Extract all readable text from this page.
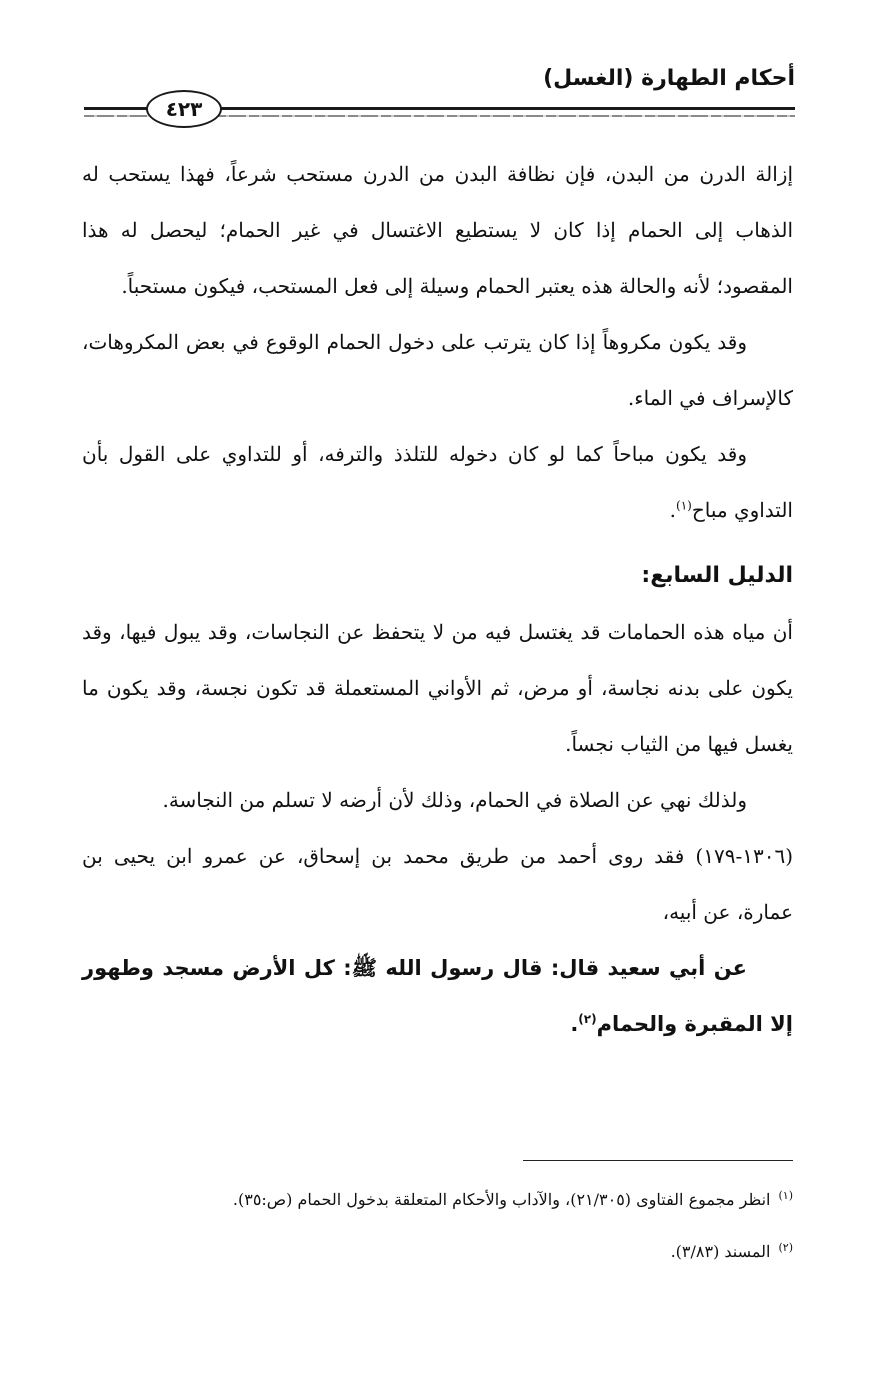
أحكام الطهارة (الغسل)
٤٢٣

إزالة الدرن من البدن، فإن نظافة البدن من الدرن مستحب شرعاً، فهذا يستحب له الذهاب إلى الحمام إذا كان لا يستطيع الاغتسال في غير الحمام؛ ليحصل له هذا المقصود؛ لأنه والحالة هذه يعتبر الحمام وسيلة إلى فعل المستحب، فيكون مستحباً.

وقد يكون مكروهاً إذا كان يترتب على دخول الحمام الوقوع في بعض المكروهات، كالإسراف في الماء.

وقد يكون مباحاً كما لو كان دخوله للتلذذ والترفه، أو للتداوي على القول بأن التداوي مباح$^{(١)}$.

الدليل السابع:

أن مياه هذه الحمامات قد يغتسل فيه من لا يتحفظ عن النجاسات، وقد يبول فيها، وقد يكون على بدنه نجاسة، أو مرض، ثم الأواني المستعملة قد تكون نجسة، وقد يكون ما يغسل فيها من الثياب نجساً.

ولذلك نهي عن الصلاة في الحمام، وذلك لأن أرضه لا تسلم من النجاسة.

(١٣٠٦-١٧٩) فقد روى أحمد من طريق محمد بن إسحاق، عن عمرو ابن يحيى بن عمارة، عن أبيه،

عن أبي سعيد قال: قال رسول الله ﷺ: كل الأرض مسجد وطهور إلا المقبرة والحمام$^{(٢)}$.

$^{(١)}$انظر مجموع الفتاوى (٢١/٣٠٥)، والآداب والأحكام المتعلقة بدخول الحمام (ص:٣٥).

$^{(٢)}$المسند (٣/٨٣).
